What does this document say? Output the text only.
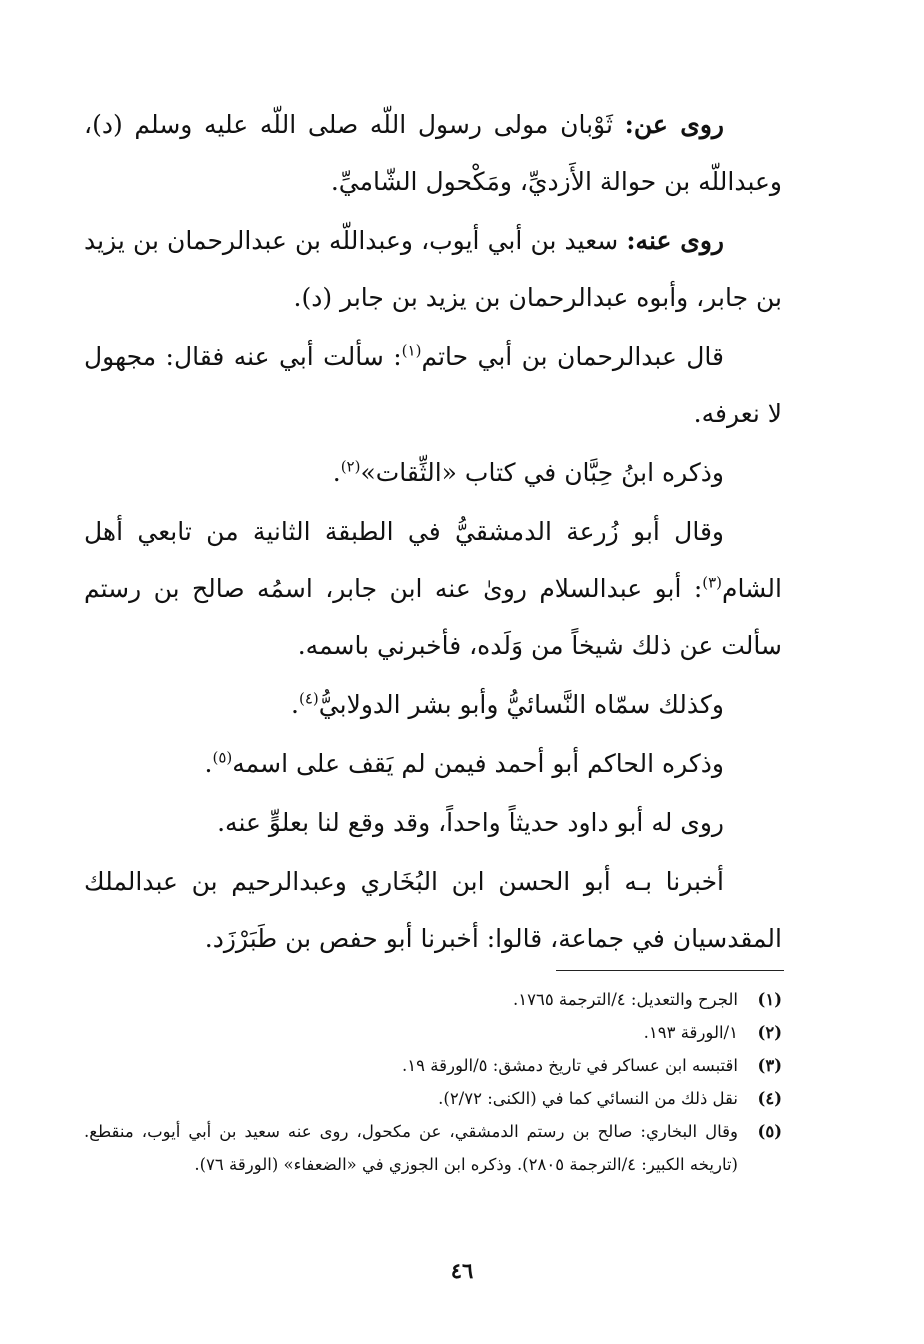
روى عن: ثَوْبان مولى رسول اللّه صلى اللّه عليه وسلم (د)، وعبداللّه بن حوالة الأَزديِّ، ومَكْحول الشّاميِّ.

روى عنه: سعيد بن أبي أيوب، وعبداللّه بن عبدالرحمان بن يزيد بن جابر، وأبوه عبدالرحمان بن يزيد بن جابر (د).

قال عبدالرحمان بن أبي حاتم$^{(١)}$: سألت أبي عنه فقال: مجهول لا نعرفه.

وذكره ابنُ حِبَّان في كتاب «الثِّقات»$^{(٢)}$.

وقال أبو زُرعة الدمشقيُّ في الطبقة الثانية من تابعي أهل الشام$^{(٣)}$: أبو عبدالسلام روىٰ عنه ابن جابر، اسمُه صالح بن رستم سألت عن ذلك شيخاً من وَلَده، فأخبرني باسمه.

وكذلك سمّاه النَّسائيُّ وأبو بشر الدولابيُّ$^{(٤)}$.

وذكره الحاكم أبو أحمد فيمن لم يَقف على اسمه$^{(٥)}$.

روى له أبو داود حديثاً واحداً، وقد وقع لنا بعلوٍّ عنه.

أخبرنا بـه أبو الحسن ابن البُخَاري وعبدالرحيم بن عبدالملك المقدسيان في جماعة، قالوا: أخبرنا أبو حفص بن طَبَرْزَد.

(١)
الجرح والتعديل: ٤/الترجمة ١٧٦٥.
(٢)
١/الورقة ١٩٣.
(٣)
اقتبسه ابن عساكر في تاريخ دمشق: ٥/الورقة ١٩.
(٤)
نقل ذلك من النسائي كما في (الكنى: ٢/٧٢).
(٥)
وقال البخاري: صالح بن رستم الدمشقي، عن مكحول، روى عنه سعيد بن أبي أيوب، منقطع. (تاريخه الكبير: ٤/الترجمة ٢٨٠٥). وذكره ابن الجوزي في «الضعفاء» (الورقة ٧٦).
٤٦
